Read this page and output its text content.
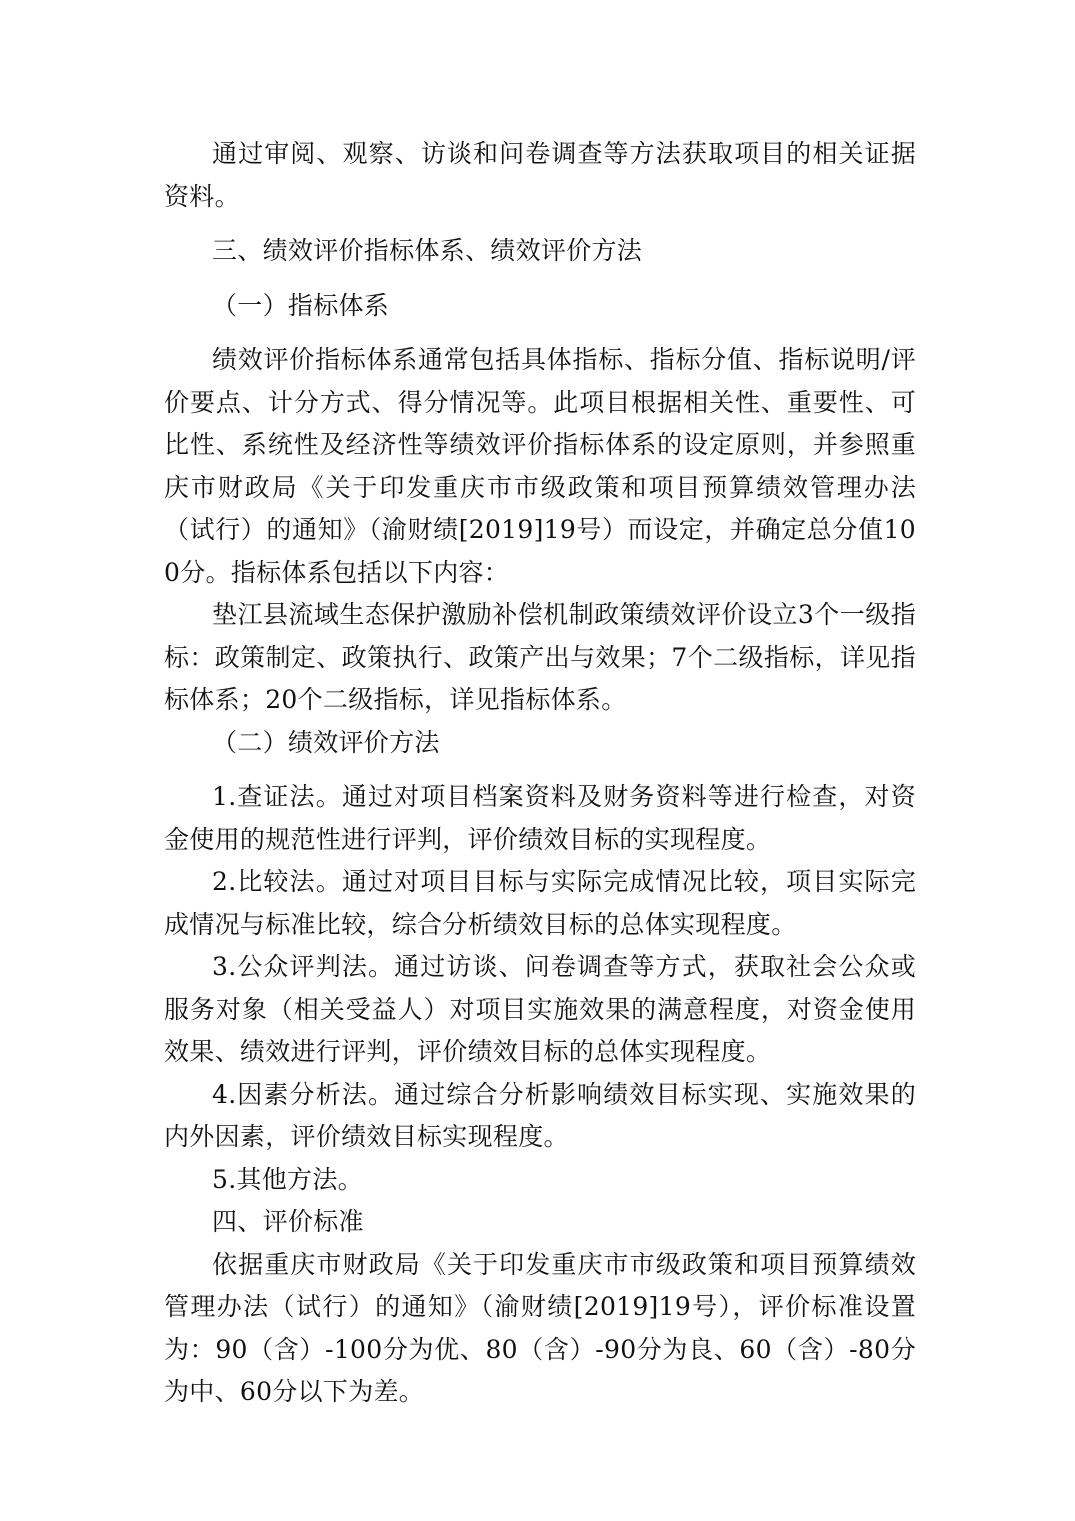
通过审阅、观察、访谈和问卷调查等方法获取项目的相关证据资料。

三、绩效评价指标体系、绩效评价方法

（一）指标体系

绩效评价指标体系通常包括具体指标、指标分值、指标说明/评价要点、计分方式、得分情况等。此项目根据相关性、重要性、可比性、系统性及经济性等绩效评价指标体系的设定原则，并参照重庆市财政局《关于印发重庆市市级政策和项目预算绩效管理办法（试行）的通知》（渝财绩[2019]19号）而设定，并确定总分值100分。指标体系包括以下内容：

垫江县流域生态保护激励补偿机制政策绩效评价设立3个一级指标：政策制定、政策执行、政策产出与效果；7个二级指标，详见指标体系；20个二级指标，详见指标体系。

（二）绩效评价方法

1.查证法。通过对项目档案资料及财务资料等进行检查，对资金使用的规范性进行评判，评价绩效目标的实现程度。

2.比较法。通过对项目目标与实际完成情况比较，项目实际完成情况与标准比较，综合分析绩效目标的总体实现程度。

3.公众评判法。通过访谈、问卷调查等方式，获取社会公众或服务对象（相关受益人）对项目实施效果的满意程度，对资金使用效果、绩效进行评判，评价绩效目标的总体实现程度。

4.因素分析法。通过综合分析影响绩效目标实现、实施效果的内外因素，评价绩效目标实现程度。

5.其他方法。

四、评价标准

依据重庆市财政局《关于印发重庆市市级政策和项目预算绩效管理办法（试行）的通知》（渝财绩[2019]19号），评价标准设置为：90（含）-100分为优、80（含）-90分为良、60（含）-80分为中、60分以下为差。
